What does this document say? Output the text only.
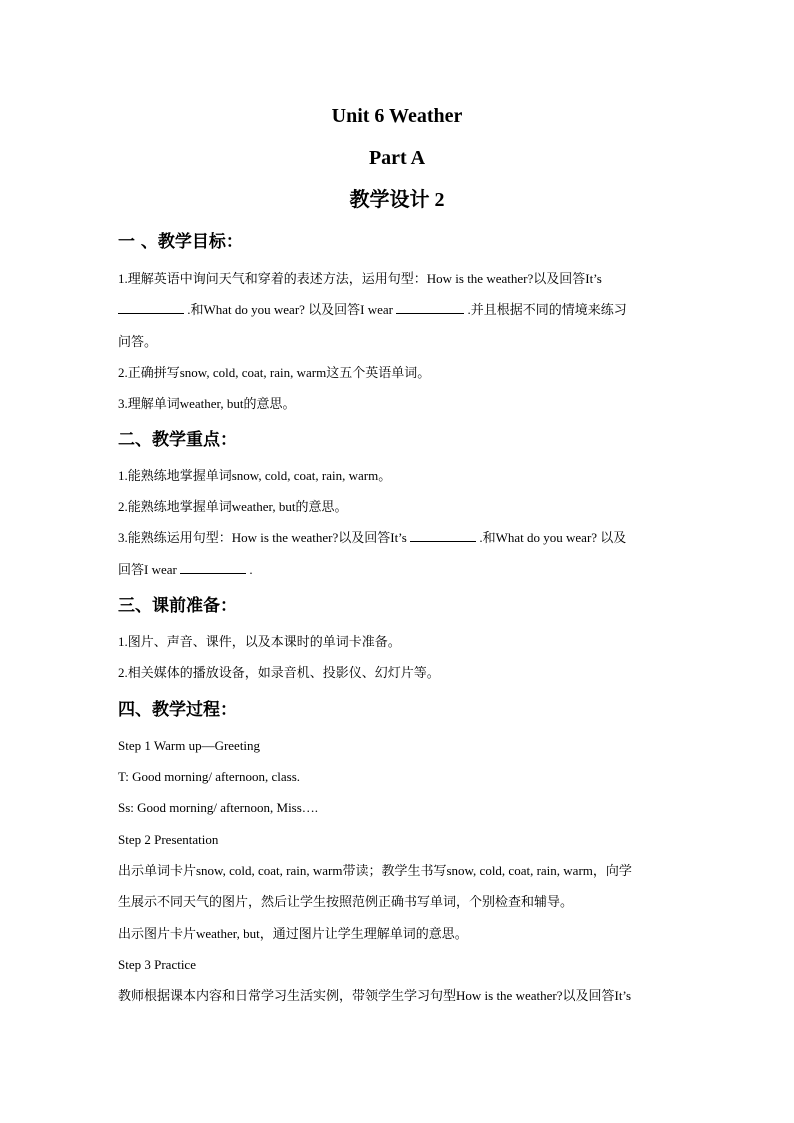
Unit 6 Weather
Part A
教学设计 2
一 、教学目标：
1.理解英语中询问天气和穿着的表述方法，运用句型：How is the weather?以及回答It’s
.和What do you wear? 以及回答I wear	.并且根据不同的情境来练习
问答。
2.正确拼写snow, cold, coat, rain, warm这五个英语单词。
3.理解单词weather, but的意思。
二、教学重点：
1.能熟练地掌握单词snow, cold, coat, rain, warm。
2.能熟练地掌握单词weather, but的意思。
3.能熟练运用句型：How is the weather?以及回答It’s	.和What do you wear? 以及
回答I wear	.
三、课前准备：
1.图片、声音、课件，以及本课时的单词卡准备。
2.相关媒体的播放设备，如录音机、投影仪、幻灯片等。
四、教学过程：
Step 1 Warm up—Greeting
T: Good morning/ afternoon, class.
Ss: Good morning/ afternoon, Miss….
Step 2 Presentation
出示单词卡片snow, cold, coat, rain, warm带读；教学生书写snow, cold, coat, rain, warm，向学
生展示不同天气的图片，然后让学生按照范例正确书写单词，个别检查和辅导。
出示图片卡片weather, but，通过图片让学生理解单词的意思。
Step 3 Practice
教师根据课本内容和日常学习生活实例，带领学生学习句型How is the weather?以及回答It’s
